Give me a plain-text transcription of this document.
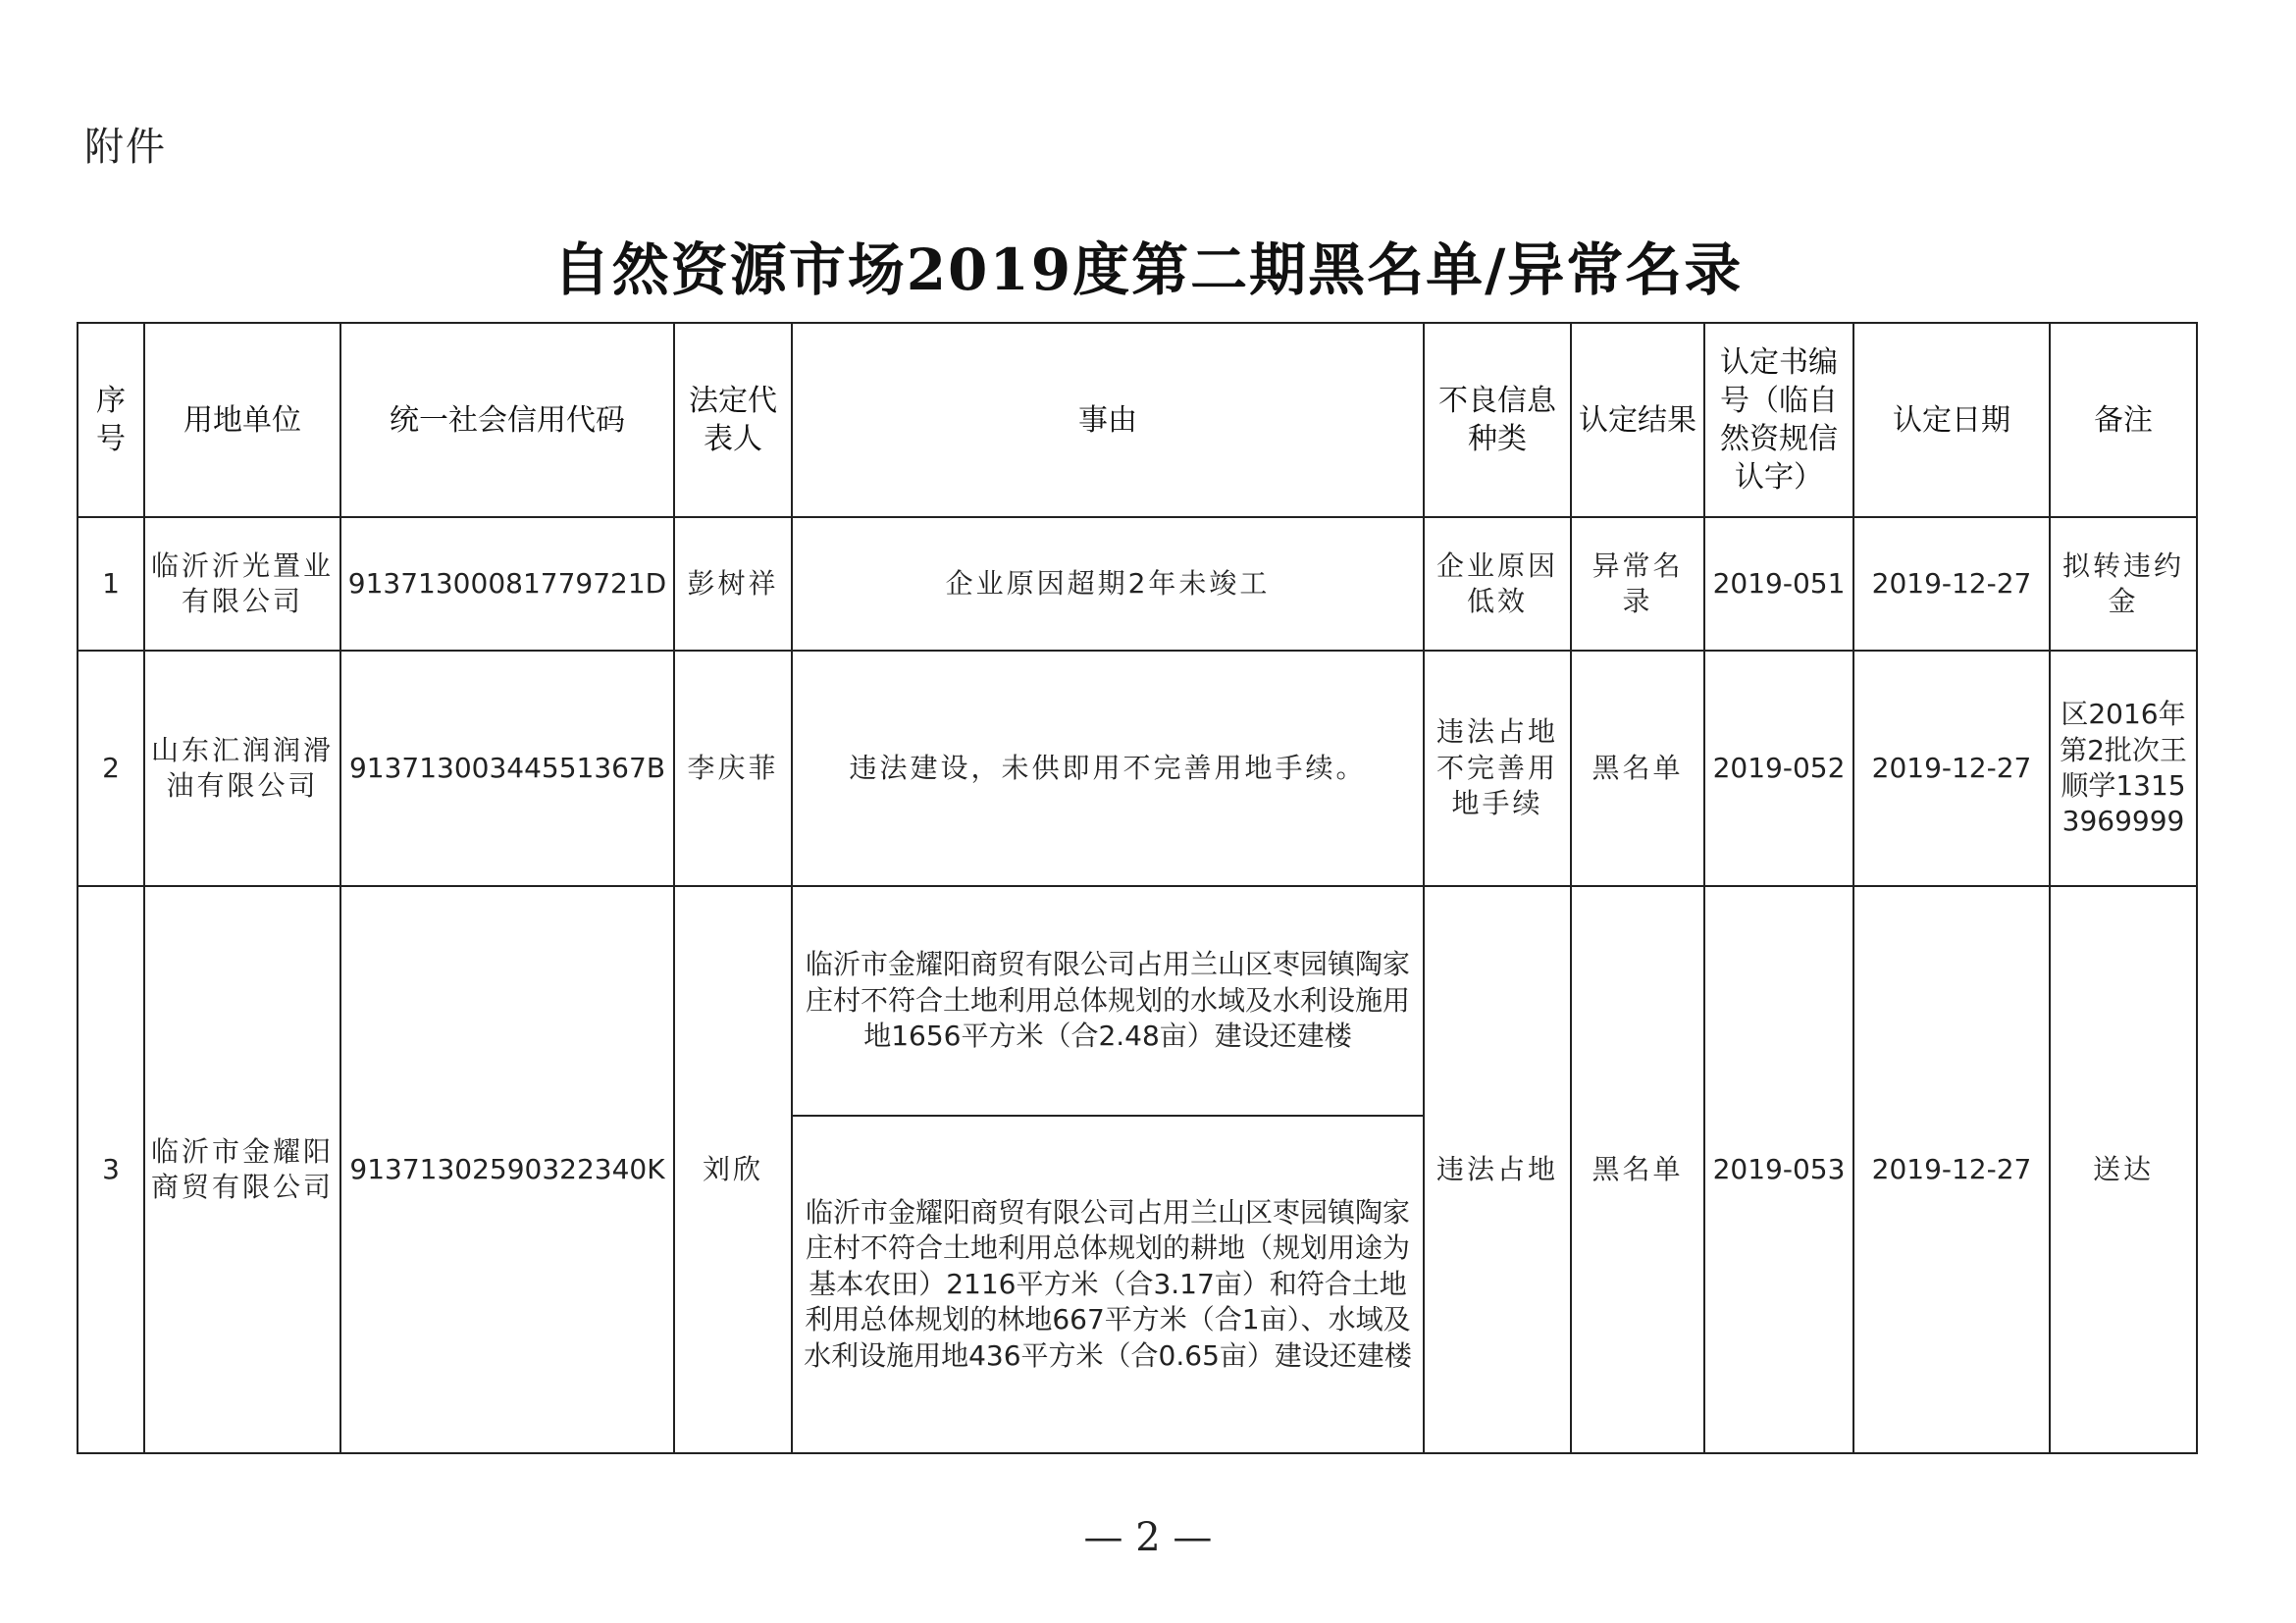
附件
自然资源市场2019度第二期黑名单/异常名录
序号	用地单位	统一社会信用代码	法定代表人	事由	不良信息种类	认定结果	认定书编号（临自然资规信认字）	认定日期	备注
1	临沂沂光置业有限公司	91371300081779721D	彭树祥	企业原因超期2年未竣工	企业原因低效	异常名录	2019-051	2019-12-27	拟转违约金
2	山东汇润润滑油有限公司	91371300344551367B	李庆菲	违法建设，未供即用不完善用地手续。	违法占地不完善用地手续	黑名单	2019-052	2019-12-27	区2016年第2批次王顺学13153969999
3	临沂市金耀阳商贸有限公司	91371302590322340K	刘欣	临沂市金耀阳商贸有限公司占用兰山区枣园镇陶家庄村不符合土地利用总体规划的水域及水利设施用地1656平方米（合2.48亩）建设还建楼	违法占地	黑名单	2019-053	2019-12-27	送达
				临沂市金耀阳商贸有限公司占用兰山区枣园镇陶家庄村不符合土地利用总体规划的耕地（规划用途为基本农田）2116平方米（合3.17亩）和符合土地利用总体规划的林地667平方米（合1亩）、水域及水利设施用地436平方米（合0.65亩）建设还建楼					
— 2 —
